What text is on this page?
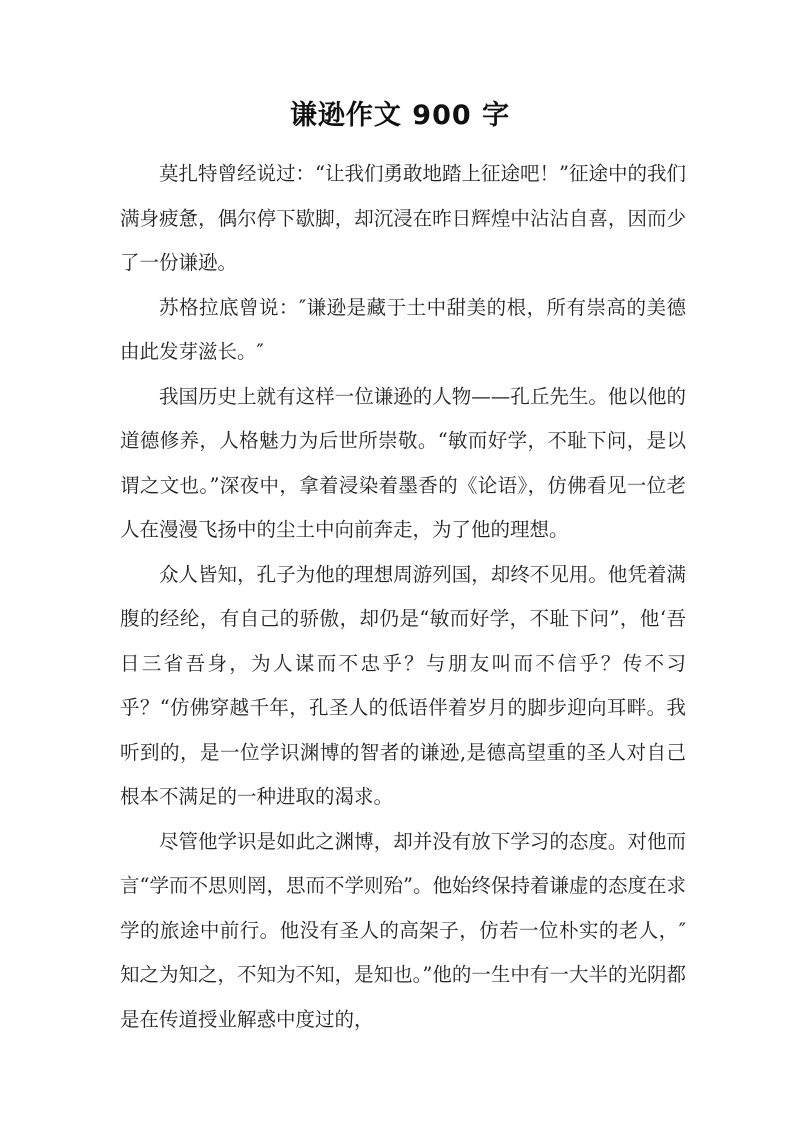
谦逊作文 900 字

莫扎特曾经说过：“让我们勇敢地踏上征途吧！”征途中的我们满身疲惫，偶尔停下歇脚，却沉浸在昨日辉煌中沾沾自喜，因而少了一份谦逊。

苏格拉底曾说：″谦逊是藏于土中甜美的根，所有崇高的美德由此发芽滋长。″

我国历史上就有这样一位谦逊的人物——孔丘先生。他以他的道德修养，人格魅力为后世所崇敬。“敏而好学，不耻下问，是以谓之文也。”深夜中，拿着浸染着墨香的《论语》，仿佛看见一位老人在漫漫飞扬中的尘土中向前奔走，为了他的理想。

众人皆知，孔子为他的理想周游列国，却终不见用。他凭着满腹的经纶，有自己的骄傲，却仍是“敏而好学，不耻下问”，他‘吾日三省吾身，为人谋而不忠乎？与朋友叫而不信乎？传不习乎？“仿佛穿越千年，孔圣人的低语伴着岁月的脚步迎向耳畔。我听到的，是一位学识渊博的智者的谦逊,是德高望重的圣人对自己根本不满足的一种进取的渴求。

尽管他学识是如此之渊博，却并没有放下学习的态度。对他而言“学而不思则罔，思而不学则殆”。他始终保持着谦虚的态度在求学的旅途中前行。他没有圣人的高架子，仿若一位朴实的老人，″知之为知之，不知为不知，是知也。”他的一生中有一大半的光阴都是在传道授业解惑中度过的，
